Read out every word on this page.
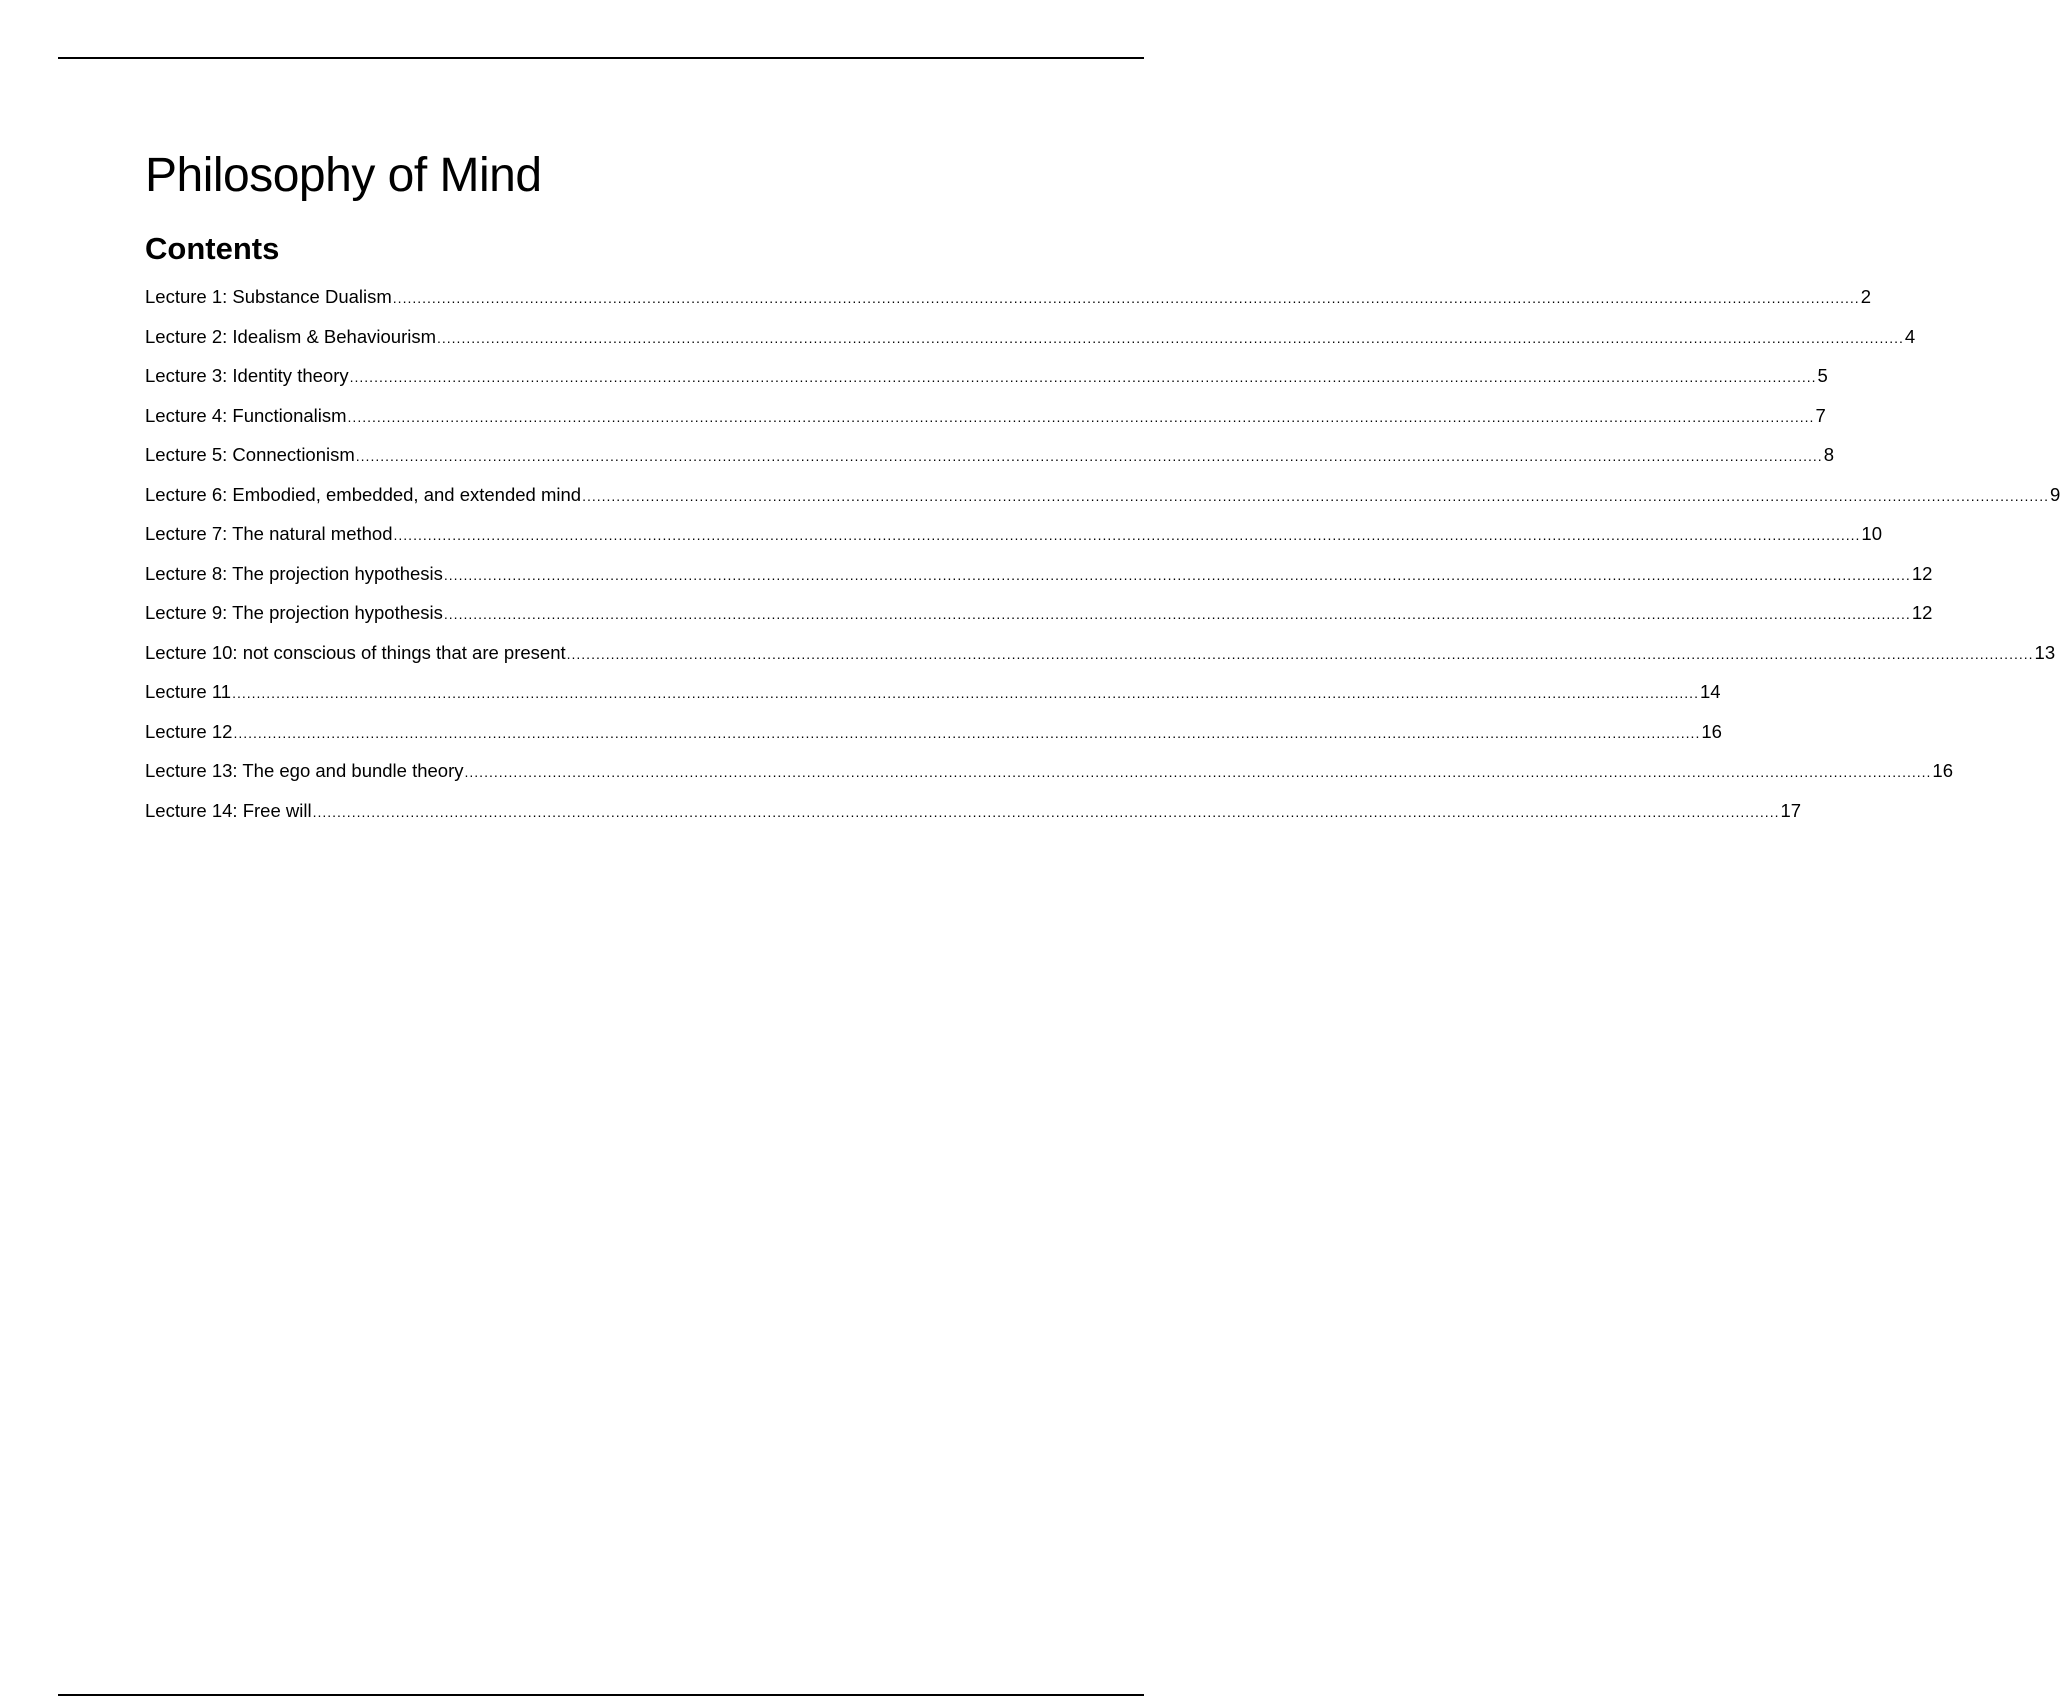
Philosophy of Mind
Contents
Lecture 1: Substance Dualism ............................................................................................................................................................................................................................................................................................................ 2
Lecture 2: Idealism & Behaviourism ............................................................................................................................................................................................................................................................................................................ 4
Lecture 3: Identity theory ............................................................................................................................................................................................................................................................................................................ 5
Lecture 4: Functionalism ............................................................................................................................................................................................................................................................................................................ 7
Lecture 5: Connectionism ............................................................................................................................................................................................................................................................................................................ 8
Lecture 6: Embodied, embedded, and extended mind ............................................................................................................................................................................................................................................................................................................ 9
Lecture 7: The natural method ............................................................................................................................................................................................................................................................................................................ 10
Lecture 8: The projection hypothesis ............................................................................................................................................................................................................................................................................................................ 12
Lecture 9: The projection hypothesis ............................................................................................................................................................................................................................................................................................................ 12
Lecture 10: not conscious of things that are present ............................................................................................................................................................................................................................................................................................................ 13
Lecture 11 ............................................................................................................................................................................................................................................................................................................ 14
Lecture 12 ............................................................................................................................................................................................................................................................................................................ 16
Lecture 13: The ego and bundle theory ............................................................................................................................................................................................................................................................................................................ 16
Lecture 14: Free will ............................................................................................................................................................................................................................................................................................................ 17
